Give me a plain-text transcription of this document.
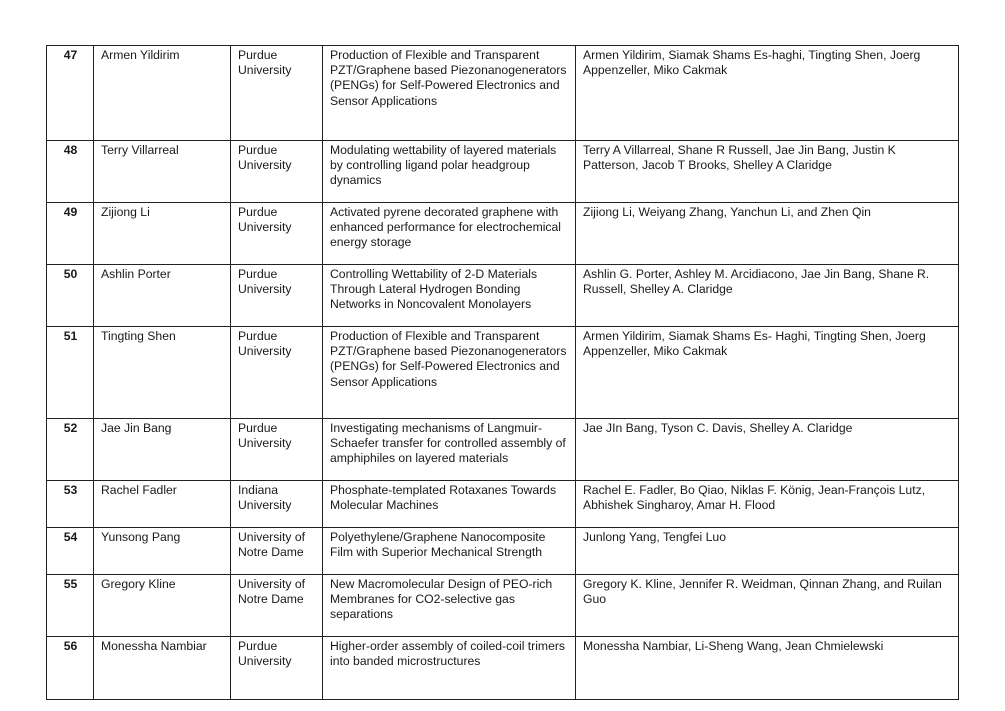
47	Armen Yildirim	Purdue University	Production of Flexible and Transparent PZT/Graphene based Piezonanogenerators (PENGs) for Self-Powered Electronics and Sensor Applications	Armen Yildirim, Siamak Shams Es-haghi, Tingting Shen, Joerg Appenzeller, Miko Cakmak
48	Terry Villarreal	Purdue University	Modulating wettability of layered materials by controlling ligand polar headgroup dynamics	Terry A Villarreal, Shane R Russell, Jae Jin Bang, Justin K Patterson, Jacob T Brooks, Shelley A Claridge
49	Zijiong Li	Purdue University	Activated pyrene decorated graphene with enhanced performance for electrochemical energy storage	Zijiong Li, Weiyang Zhang, Yanchun Li, and Zhen Qin
50	Ashlin Porter	Purdue University	Controlling Wettability of 2-D Materials Through Lateral Hydrogen Bonding Networks in Noncovalent Monolayers	Ashlin G. Porter, Ashley M. Arcidiacono, Jae Jin Bang, Shane R. Russell, Shelley A. Claridge
51	Tingting Shen	Purdue University	Production of Flexible and Transparent PZT/Graphene based Piezonanogenerators (PENGs) for Self-Powered Electronics and Sensor Applications	Armen Yildirim, Siamak Shams Es- Haghi, Tingting Shen, Joerg Appenzeller, Miko Cakmak
52	Jae Jin Bang	Purdue University	Investigating mechanisms of Langmuir-Schaefer transfer for controlled assembly of amphiphiles on layered materials	Jae JIn Bang, Tyson C. Davis, Shelley A. Claridge
53	Rachel Fadler	Indiana University	Phosphate-templated Rotaxanes Towards Molecular Machines	Rachel E. Fadler, Bo Qiao, Niklas F. König, Jean-François Lutz, Abhishek Singharoy, Amar H. Flood
54	Yunsong Pang	University of Notre Dame	Polyethylene/Graphene Nanocomposite Film with Superior Mechanical Strength	Junlong Yang, Tengfei Luo
55	Gregory Kline	University of Notre Dame	New Macromolecular Design of PEO-rich Membranes for CO2-selective gas separations	Gregory K. Kline, Jennifer R. Weidman, Qinnan Zhang, and Ruilan Guo
56	Monessha Nambiar	Purdue University	Higher-order assembly of coiled-coil trimers into banded microstructures	Monessha Nambiar, Li-Sheng Wang, Jean Chmielewski
